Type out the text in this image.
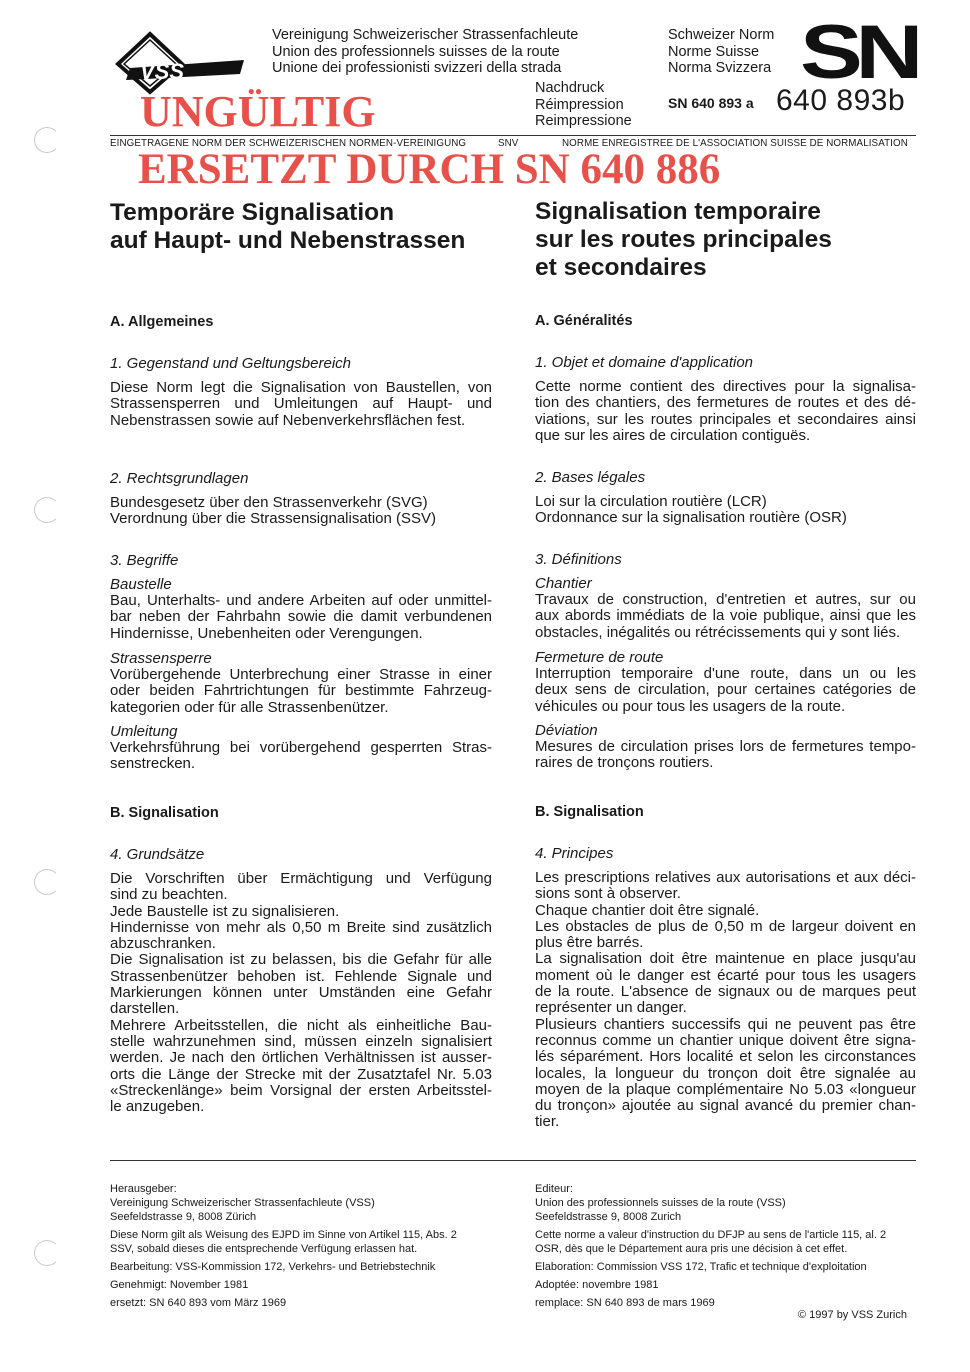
VSS
Vereinigung Schweizerischer Strassenfachleute
Union des professionnels suisses de la route
Unione dei professionisti svizzeri della strada
Schweizer Norm
Norme Suisse
Norma Svizzera SN
Nachdruck
Réimpression
Reimpressione
SN 640 893 a 640 893b
UNGÜLTIG
EINGETRAGENE NORM DER SCHWEIZERISCHEN NORMEN-VEREINIGUNG	SNV	NORME ENREGISTREE DE L'ASSOCIATION SUISSE DE NORMALISATION
ERSETZT DURCH SN 640 886
Temporäre Signalisation
auf Haupt- und Nebenstrassen
A. Allgemeines
1. Gegenstand und Geltungsbereich
Diese Norm legt die Signalisation von Baustellen, von
Strassensperren und Umleitungen auf Haupt- und
Nebenstrassen sowie auf Nebenverkehrsflächen fest.
2. Rechtsgrundlagen
Bundesgesetz über den Strassenverkehr (SVG)
Verordnung über die Strassensignalisation (SSV)
3. Begriffe
Baustelle
Bau, Unterhalts- und andere Arbeiten auf oder unmittel-
bar neben der Fahrbahn sowie die damit verbundenen
Hindernisse, Unebenheiten oder Verengungen.
Strassensperre
Vorübergehende Unterbrechung einer Strasse in einer
oder beiden Fahrtrichtungen für bestimmte Fahrzeug-
kategorien oder für alle Strassenbenützer.
Umleitung
Verkehrsführung bei vorübergehend gesperrten Stras-
senstrecken.
B. Signalisation
4. Grundsätze
Die Vorschriften über Ermächtigung und Verfügung
sind zu beachten.
Jede Baustelle ist zu signalisieren.
Hindernisse von mehr als 0,50 m Breite sind zusätzlich
abzuschranken.
Die Signalisation ist zu belassen, bis die Gefahr für alle
Strassenbenützer behoben ist. Fehlende Signale und
Markierungen können unter Umständen eine Gefahr
darstellen.
Mehrere Arbeitsstellen, die nicht als einheitliche Bau-
stelle wahrzunehmen sind, müssen einzeln signalisiert
werden. Je nach den örtlichen Verhältnissen ist ausser-
orts die Länge der Strecke mit der Zusatztafel Nr. 5.03
«Streckenlänge» beim Vorsignal der ersten Arbeitsstel-
le anzugeben.
Signalisation temporaire
sur les routes principales
et secondaires
A. Généralités
1. Objet et domaine d'application
Cette norme contient des directives pour la signalisa-
tion des chantiers, des fermetures de routes et des dé-
viations, sur les routes principales et secondaires ainsi
que sur les aires de circulation contiguës.
2. Bases légales
Loi sur la circulation routière (LCR)
Ordonnance sur la signalisation routière (OSR)
3. Définitions
Chantier
Travaux de construction, d'entretien et autres, sur ou
aux abords immédiats de la voie publique, ainsi que les
obstacles, inégalités ou rétrécissements qui y sont liés.
Fermeture de route
Interruption temporaire d'une route, dans un ou les
deux sens de circulation, pour certaines catégories de
véhicules ou pour tous les usagers de la route.
Déviation
Mesures de circulation prises lors de fermetures tempo-
raires de tronçons routiers.
B. Signalisation
4. Principes
Les prescriptions relatives aux autorisations et aux déci-
sions sont à observer.
Chaque chantier doit être signalé.
Les obstacles de plus de 0,50 m de largeur doivent en
plus être barrés.
La signalisation doit être maintenue en place jusqu'au
moment où le danger est écarté pour tous les usagers
de la route. L'absence de signaux ou de marques peut
représenter un danger.
Plusieurs chantiers successifs qui ne peuvent pas être
reconnus comme un chantier unique doivent être signa-
lés séparément. Hors localité et selon les circonstances
locales, la longueur du tronçon doit être signalée au
moyen de la plaque complémentaire No 5.03 «longueur
du tronçon» ajoutée au signal avancé du premier chan-
tier.
Herausgeber:
Vereinigung Schweizerischer Strassenfachleute (VSS)
Seefeldstrasse 9, 8008 Zürich
Diese Norm gilt als Weisung des EJPD im Sinne von Artikel 115, Abs. 2
SSV, sobald dieses die entsprechende Verfügung erlassen hat.
Bearbeitung: VSS-Kommission 172, Verkehrs- und Betriebstechnik
Genehmigt: November 1981
ersetzt: SN 640 893 vom März 1969
Editeur:
Union des professionnels suisses de la route (VSS)
Seefeldstrasse 9, 8008 Zurich
Cette norme a valeur d'instruction du DFJP au sens de l'article 115, al. 2
OSR, dès que le Département aura pris une décision à cet effet.
Elaboration: Commission VSS 172, Trafic et technique d'exploitation
Adoptée: novembre 1981
remplace: SN 640 893 de mars 1969
© 1997 by VSS Zurich
